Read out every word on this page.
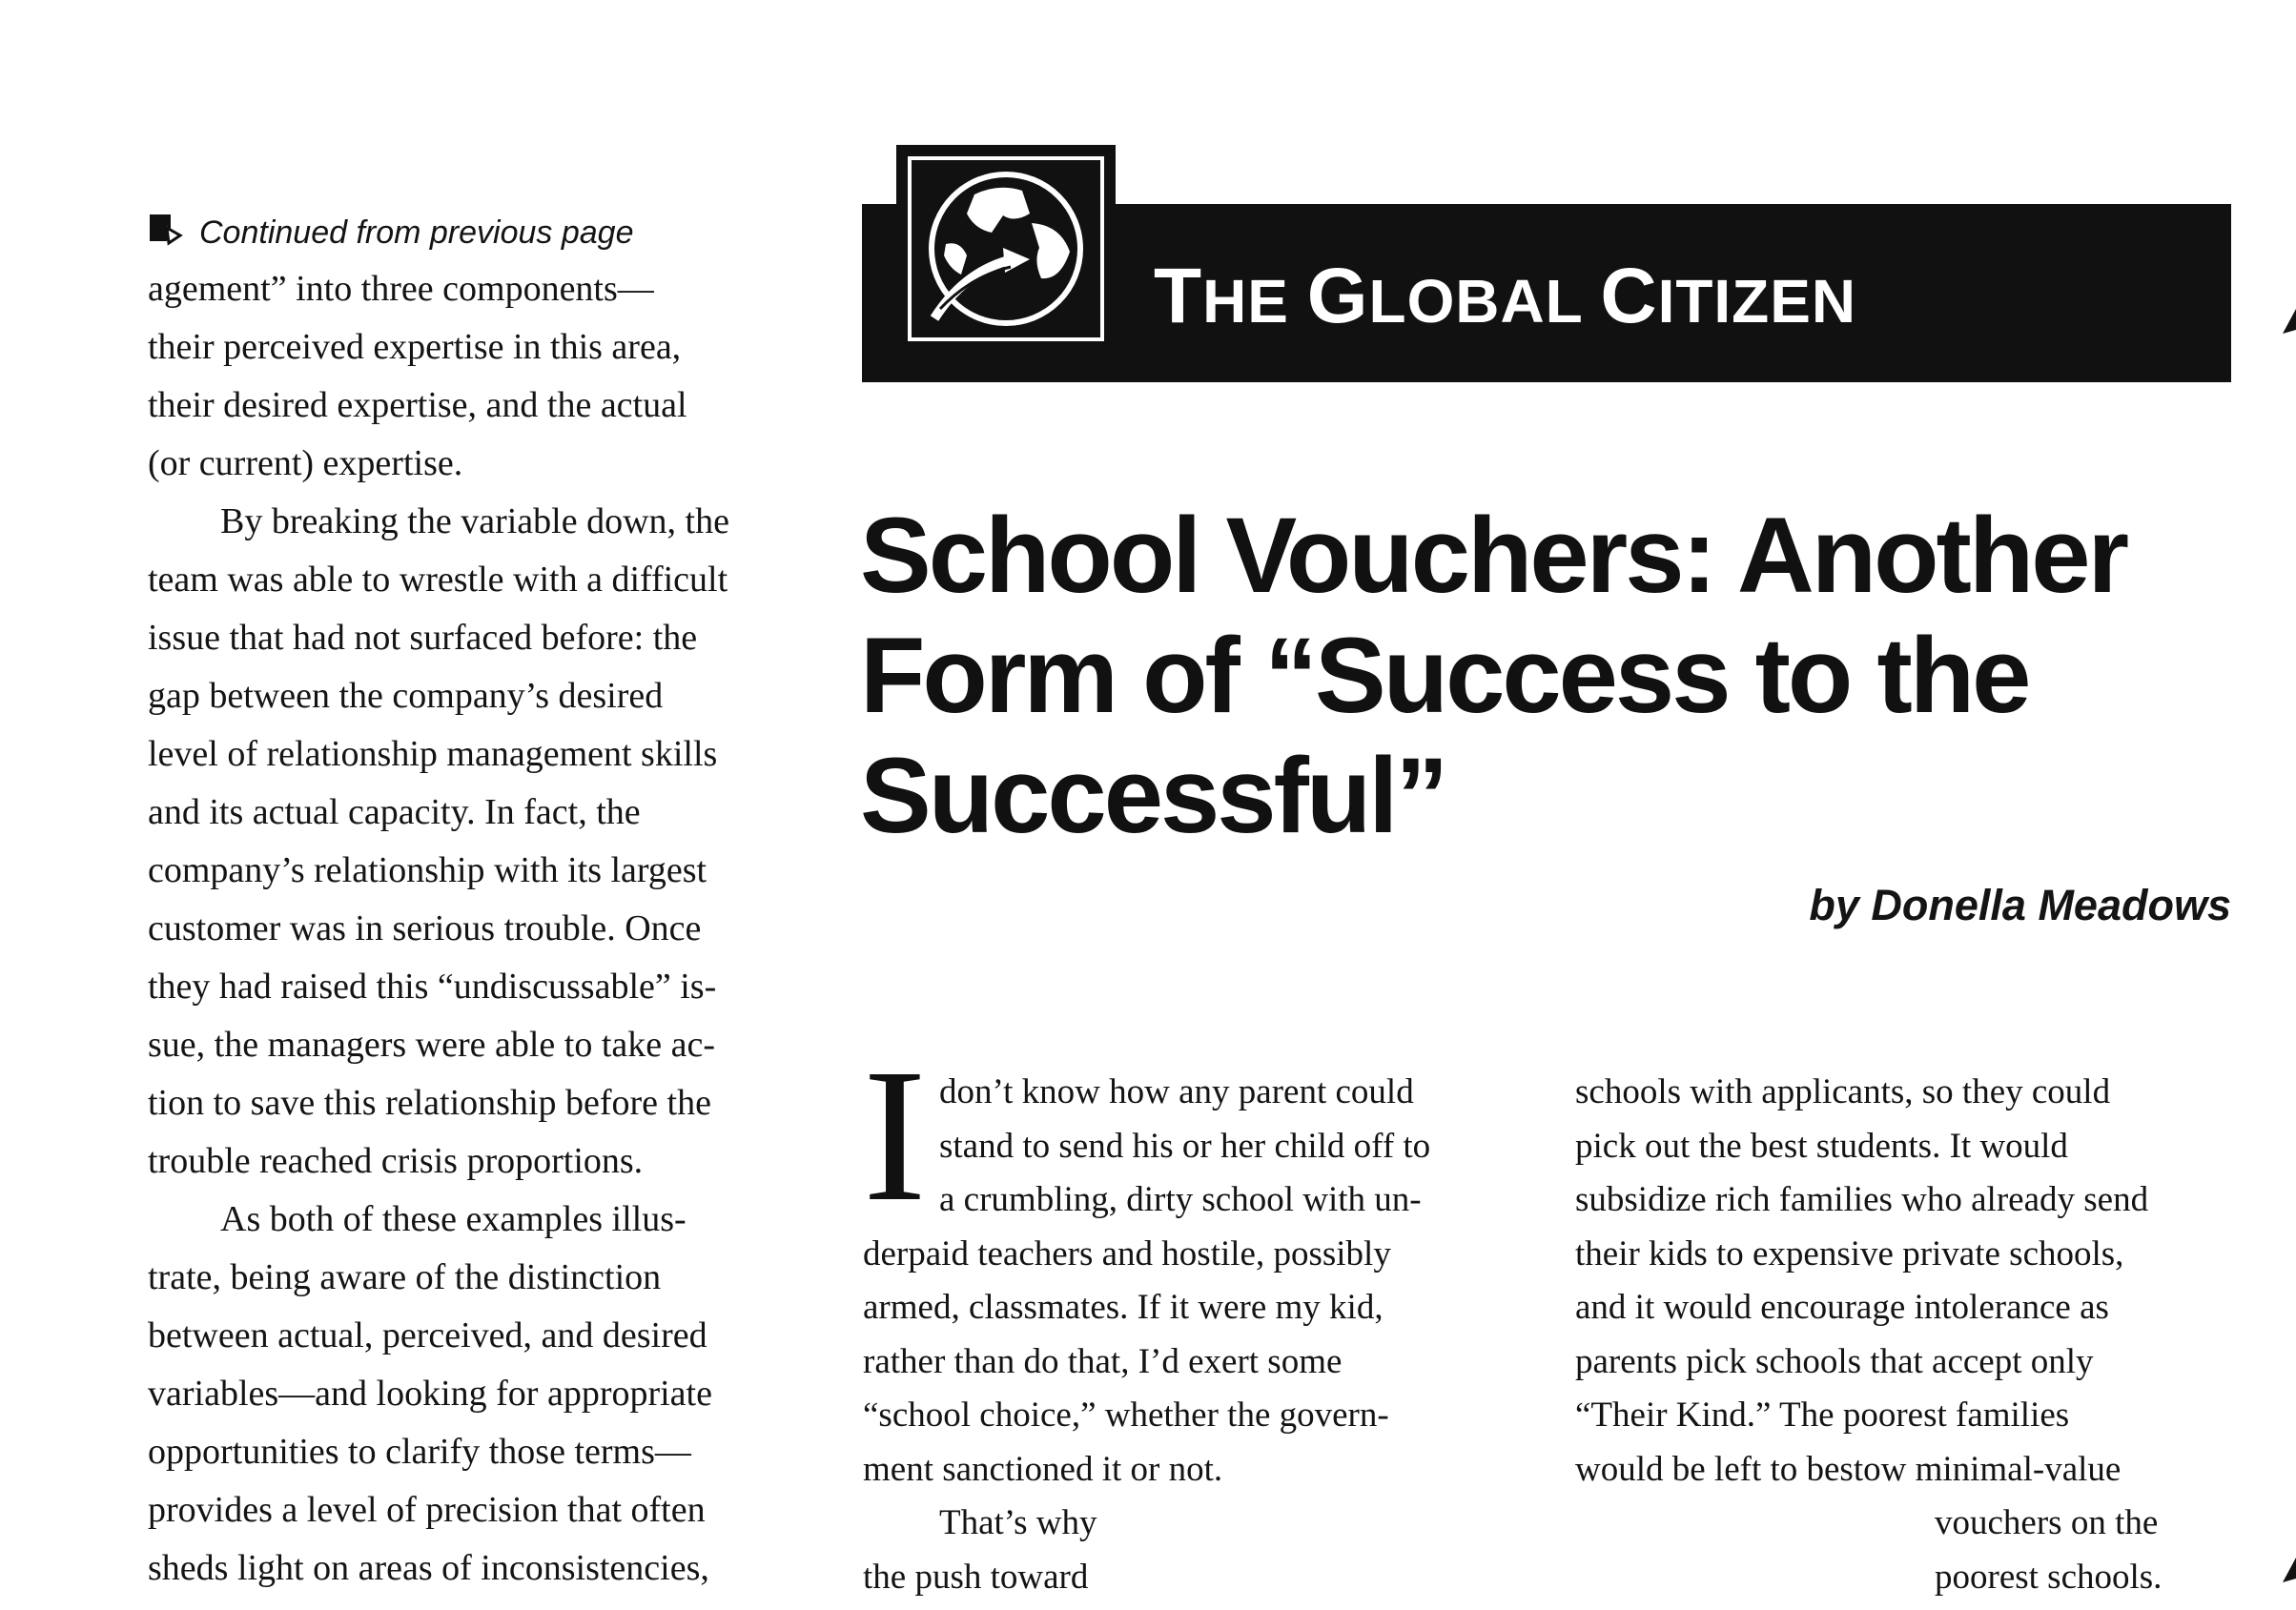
Continued from previous page
agement” into three components—
their perceived expertise in this area,
their desired expertise, and the actual
(or current) expertise.
By breaking the variable down, the
team was able to wrestle with a difficult
issue that had not surfaced before: the
gap between the company’s desired
level of relationship management skills
and its actual capacity. In fact, the
company’s relationship with its largest
customer was in serious trouble. Once
they had raised this “undiscussable” is-
sue, the managers were able to take ac-
tion to save this relationship before the
trouble reached crisis proportions.
As both of these examples illus-
trate, being aware of the distinction
between actual, perceived, and desired
variables—and looking for appropriate
opportunities to clarify those terms—
provides a level of precision that often
sheds light on areas of inconsistencies,
THE GLOBAL CITIZEN
School Vouchers: Another
Form of “Success to the
Successful”
by Donella Meadows
I don’t know how any parent could
stand to send his or her child off to
a crumbling, dirty school with un-
derpaid teachers and hostile, possibly
armed, classmates. If it were my kid,
rather than do that, I’d exert some
“school choice,” whether the govern-
ment sanctioned it or not.
That’s why
the push toward
schools with applicants, so they could
pick out the best students. It would
subsidize rich families who already send
their kids to expensive private schools,
and it would encourage intolerance as
parents pick schools that accept only
“Their Kind.” The poorest families
would be left to bestow minimal-value
vouchers on the
poorest schools.
